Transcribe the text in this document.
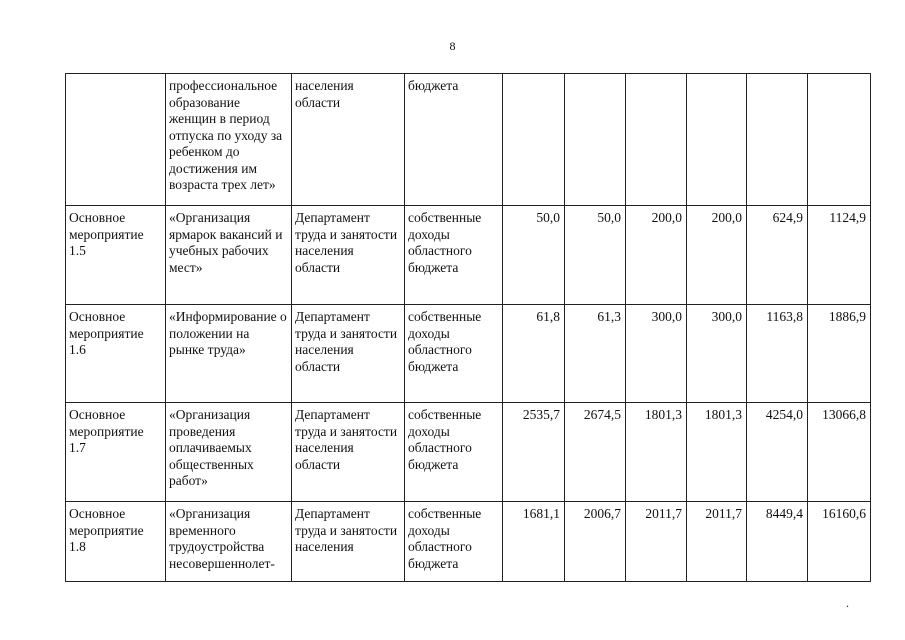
8
	профессиональное образование женщин в период отпуска по уходу за ребенком до достижения им возраста трех лет»	населения области	бюджета						
Основное мероприятие 1.5	«Организация ярмарок вакансий и учебных рабочих мест»	Департамент труда и занятости населения области	собственные доходы областного бюджета	50,0	50,0	200,0	200,0	624,9	1124,9
Основное мероприятие 1.6	«Информирование о положении на рынке труда»	Департамент труда и занятости населения области	собственные доходы областного бюджета	61,8	61,3	300,0	300,0	1163,8	1886,9
Основное мероприятие 1.7	«Организация проведения оплачиваемых общественных работ»	Департамент труда и занятости населения области	собственные доходы областного бюджета	2535,7	2674,5	1801,3	1801,3	4254,0	13066,8
Основное мероприятие 1.8	«Организация временного трудоустройства несовершеннолет-	Департамент труда и занятости населения	собственные доходы областного бюджета	1681,1	2006,7	2011,7	2011,7	8449,4	16160,6
.
